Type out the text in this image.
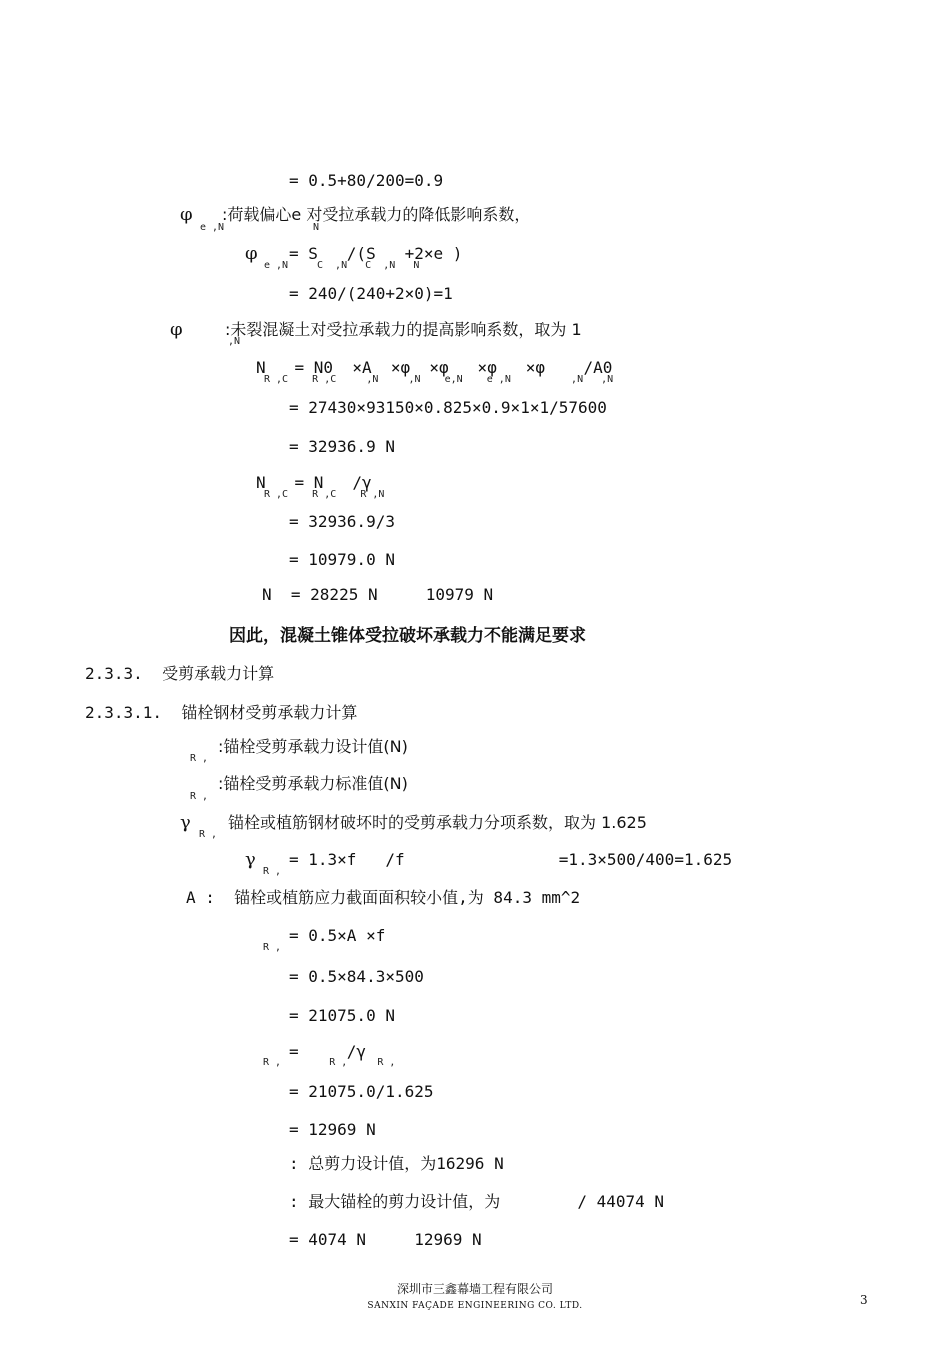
= 0.5+80/200=0.9
φ
e ,N
:荷载偏心e 对受拉承载力的降低影响系数，
N
φ
e ,N
= S   /(S   +2×e )
C  ,N   C  ,N   N
= 240/(240+2×0)=1
φ
,N
:未裂混凝土对受拉承载力的提高影响系数，取为 1
N   = N0  ×A  ×φ  ×φ   ×φ   ×φ    /A0
R ,C    R ,C     ,N     ,N    e,N    e ,N          ,N   ,N
= 27430×93150×0.825×0.9×1×1/57600
= 32936.9 N
N   = N   /γ
R ,C    R ,C    R ,N
= 32936.9/3
= 10979.0 N
N  = 28225 N     10979 N
因此，混凝土锥体受拉破坏承载力不能满足要求
2.3.3.  受剪承载力计算
2.3.3.1.  锚栓钢材受剪承载力计算
R ,
:锚栓受剪承载力设计值(N)
R ,
:锚栓受剪承载力标准值(N)
γ
R ,
锚栓或植筋钢材破坏时的受剪承载力分项系数，取为 1.625
γ
R ,
= 1.3×f   /f                =1.3×500/400=1.625
A :  锚栓或植筋应力截面面积较小值,为 84.3 mm^2
R ,
= 0.5×A ×f
= 0.5×84.3×500
= 21075.0 N
=     /γ
R ,        R ,     R ,
= 21075.0/1.625
= 12969 N
: 总剪力设计值，为16296 N
: 最大锚栓的剪力设计值，为        / 44074 N
= 4074 N     12969 N
深圳市三鑫幕墙工程有限公司
SANXIN FAÇADE ENGINEERING CO. LTD.	3
